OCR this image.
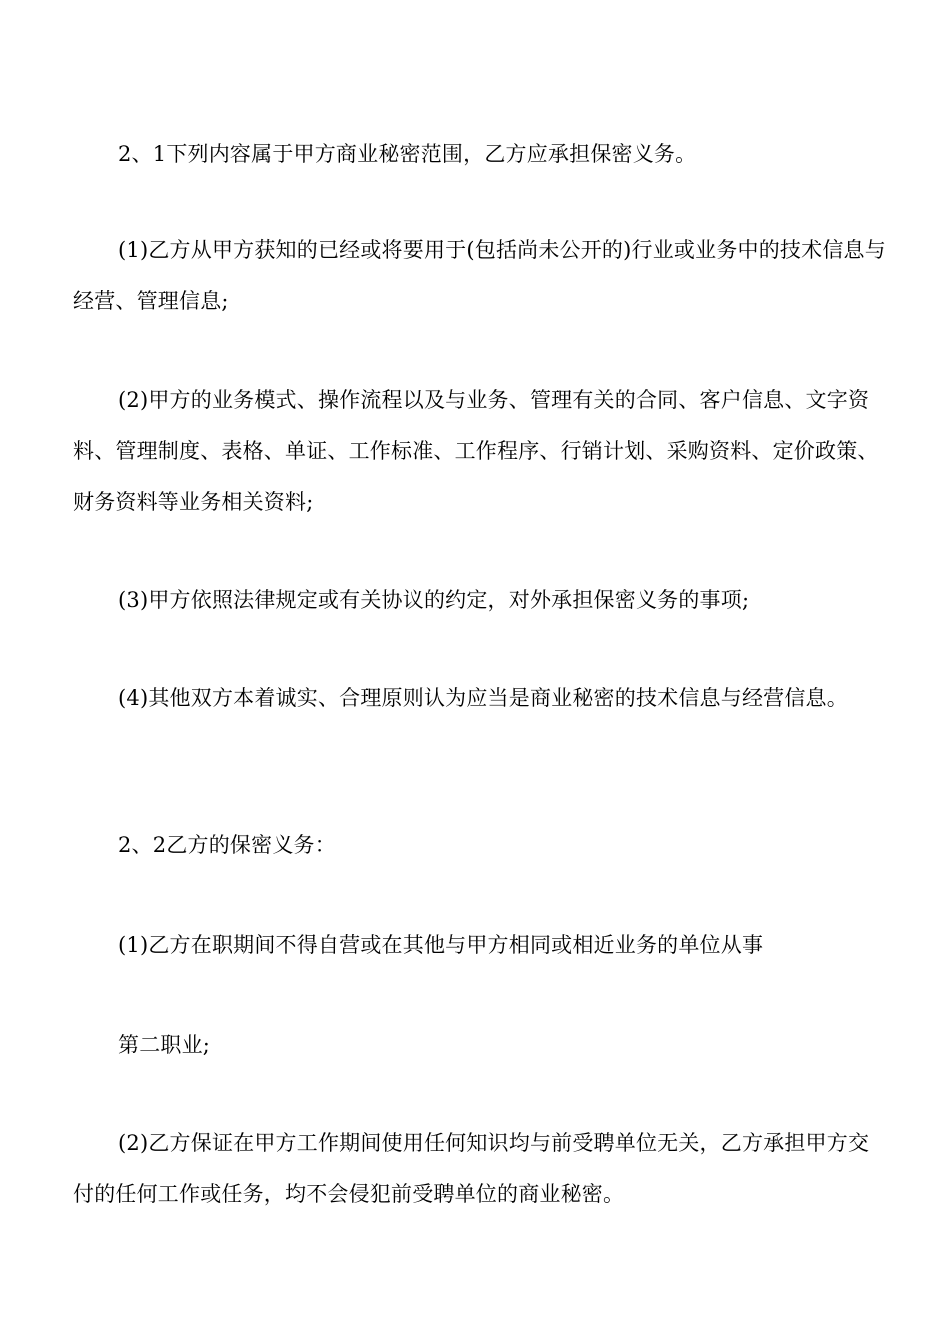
2、1下列内容属于甲方商业秘密范围，乙方应承担保密义务。

(1)乙方从甲方获知的已经或将要用于(包括尚未公开的)行业或业务中的技术信息与经营、管理信息;

(2)甲方的业务模式、操作流程以及与业务、管理有关的合同、客户信息、文字资料、管理制度、表格、单证、工作标准、工作程序、行销计划、采购资料、定价政策、财务资料等业务相关资料;

(3)甲方依照法律规定或有关协议的约定，对外承担保密义务的事项;

(4)其他双方本着诚实、合理原则认为应当是商业秘密的技术信息与经营信息。

2、2乙方的保密义务：

(1)乙方在职期间不得自营或在其他与甲方相同或相近业务的单位从事

第二职业;

(2)乙方保证在甲方工作期间使用任何知识均与前受聘单位无关，乙方承担甲方交付的任何工作或任务，均不会侵犯前受聘单位的商业秘密。
